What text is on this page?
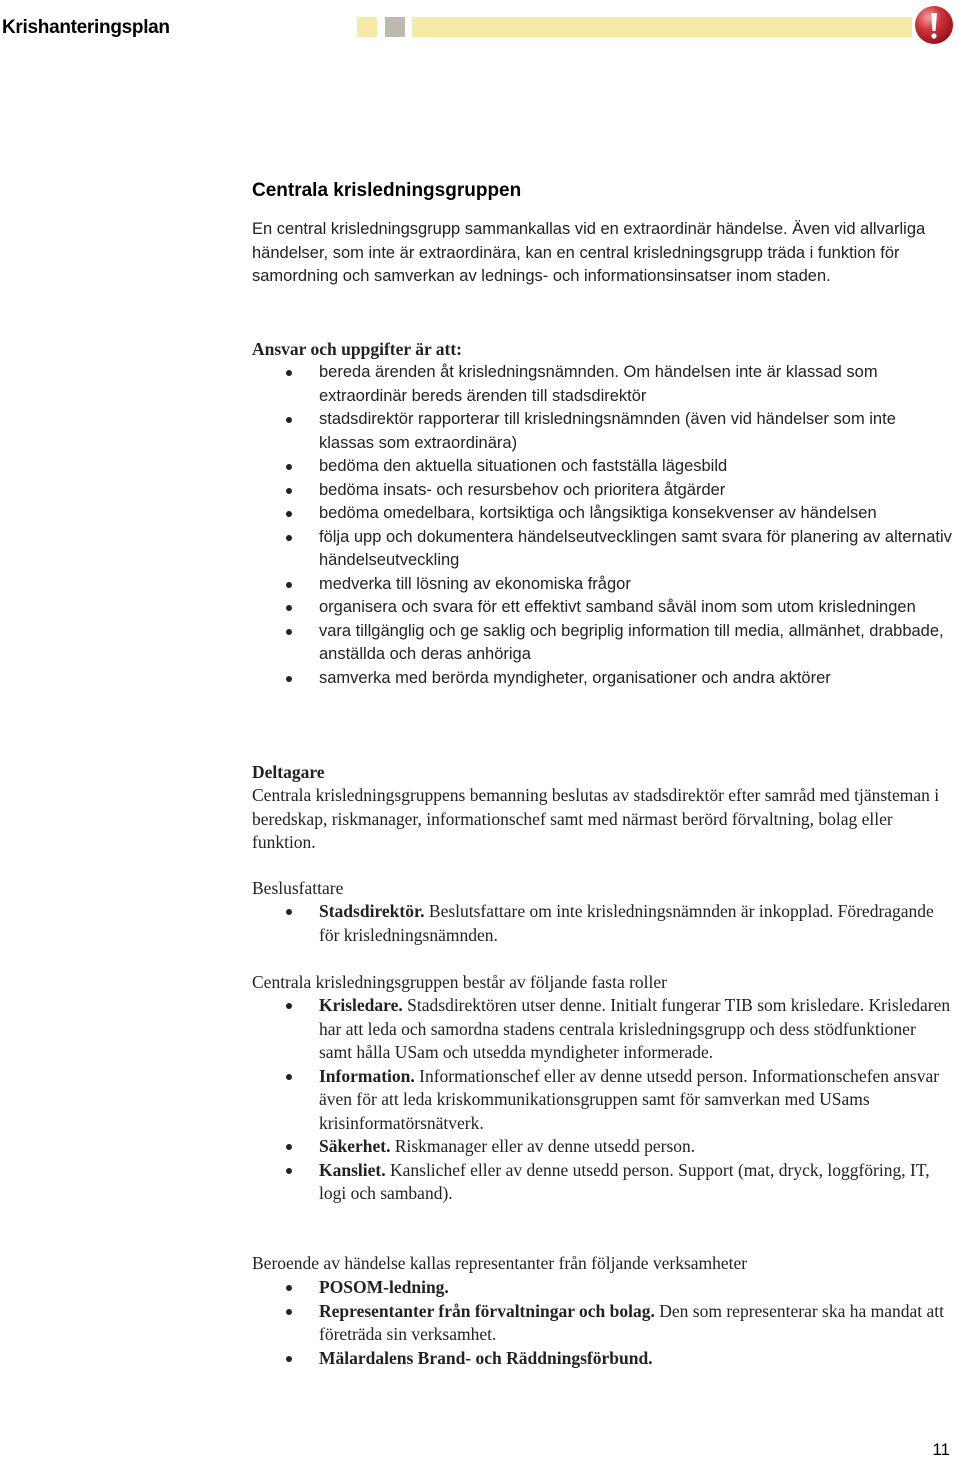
Krishanteringsplan
Centrala krisledningsgruppen

En central krisledningsgrupp sammankallas vid en extraordinär händelse. Även vid allvarliga händelser, som inte är extraordinära, kan en central krisledningsgrupp träda i funktion för samordning och samverkan av lednings- och informationsinsatser inom staden.

Ansvar och uppgifter är att:

bereda ärenden åt krisledningsnämnden. Om händelsen inte är klassad som extraordinär bereds ärenden till stadsdirektör
stadsdirektör rapporterar till krisledningsnämnden (även vid händelser som inte klassas som extraordinära)
bedöma den aktuella situationen och fastställa lägesbild
bedöma insats- och resursbehov och prioritera åtgärder
bedöma omedelbara, kortsiktiga och långsiktiga konsekvenser av händelsen
följa upp och dokumentera händelseutvecklingen samt svara för planering av alternativ händelseutveckling
medverka till lösning av ekonomiska frågor
organisera och svara för ett effektivt samband såväl inom som utom krisledningen
vara tillgänglig och ge saklig och begriplig information till media, allmänhet, drabbade, anställda och deras anhöriga
samverka med berörda myndigheter, organisationer och andra aktörer

Deltagare

Centrala krisledningsgruppens bemanning beslutas av stadsdirektör efter samråd med tjänsteman i beredskap, riskmanager, informationschef samt med närmast berörd förvaltning, bolag eller funktion.

Beslusfattare

Stadsdirektör. Beslutsfattare om inte krisledningsnämnden är inkopplad. Föredragande för krisledningsnämnden.

Centrala krisledningsgruppen består av följande fasta roller

Krisledare. Stadsdirektören utser denne. Initialt fungerar TIB som krisledare. Krisledaren har att leda och samordna stadens centrala krisledningsgrupp och dess stödfunktioner samt hålla USam och utsedda myndigheter informerade.
Information. Informationschef eller av denne utsedd person. Informationschefen ansvar även för att leda kriskommunikationsgruppen samt för samverkan med USams krisinformatörsnätverk.
Säkerhet. Riskmanager eller av denne utsedd person.
Kansliet. Kanslichef eller av denne utsedd person. Support (mat, dryck, loggföring, IT, logi och samband).

Beroende av händelse kallas representanter från följande verksamheter

POSOM-ledning.
Representanter från förvaltningar och bolag. Den som representerar ska ha mandat att företräda sin verksamhet.
Mälardalens Brand- och Räddningsförbund.
11
